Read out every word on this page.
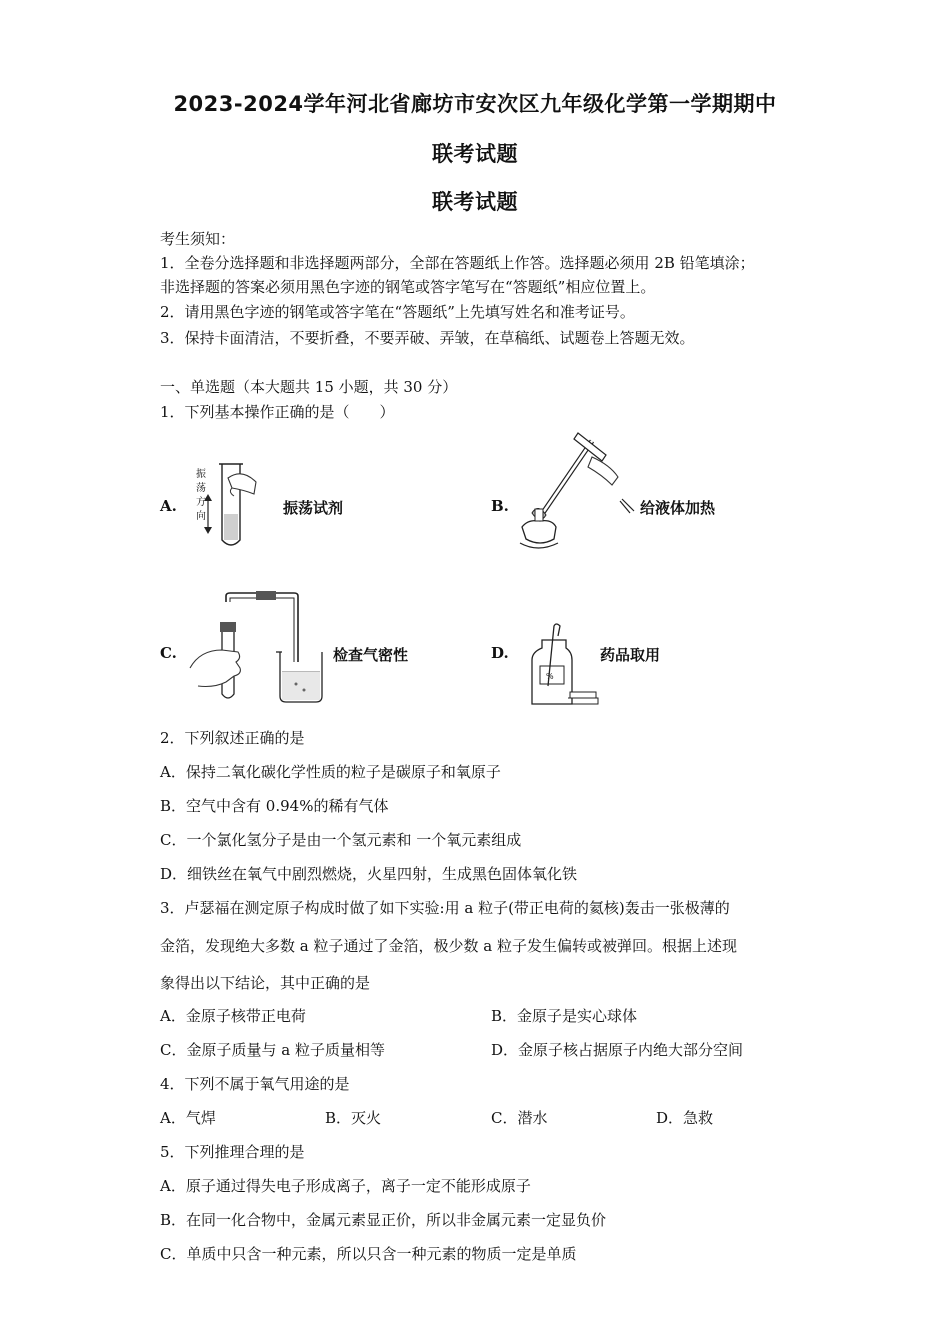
2023-2024学年河北省廊坊市安次区九年级化学第一学期期中
联考试题
联考试题
考生须知：
1．全卷分选择题和非选择题两部分，全部在答题纸上作答。选择题必须用 2B 铅笔填涂；
非选择题的答案必须用黑色字迹的钢笔或答字笔写在“答题纸”相应位置上。
2．请用黑色字迹的钢笔或答字笔在“答题纸”上先填写姓名和准考证号。
3．保持卡面清洁，不要折叠，不要弄破、弄皱，在草稿纸、试题卷上答题无效。
一、单选题（本大题共 15 小题，共 30 分）
1．下列基本操作正确的是（　　）
A.
振
荡
方
向	振荡试剂	B.	给液体加热
C.	检查气密性	D.
%
药品取用
2．下列叙述正确的是
A．保持二氧化碳化学性质的粒子是碳原子和氧原子
B．空气中含有 0.94%的稀有气体
C．一个氯化氢分子是由一个氢元素和 一个氧元素组成
D．细铁丝在氧气中剧烈燃烧，火星四射，生成黑色固体氧化铁
3．卢瑟福在测定原子构成时做了如下实验:用 a 粒子(带正电荷的氦核)轰击一张极薄的
金箔，发现绝大多数 a 粒子通过了金箔，极少数 a 粒子发生偏转或被弹回。根据上述现
象得出以下结论，其中正确的是
A．金原子核带正电荷	B．金原子是实心球体
C．金原子质量与 a 粒子质量相等	D．金原子核占据原子内绝大部分空间
4．下列不属于氧气用途的是
A．气焊	B．灭火	C．潜水	D．急救
5．下列推理合理的是
A．原子通过得失电子形成离子，离子一定不能形成原子
B．在同一化合物中，金属元素显正价，所以非金属元素一定显负价
C．单质中只含一种元素，所以只含一种元素的物质一定是单质
